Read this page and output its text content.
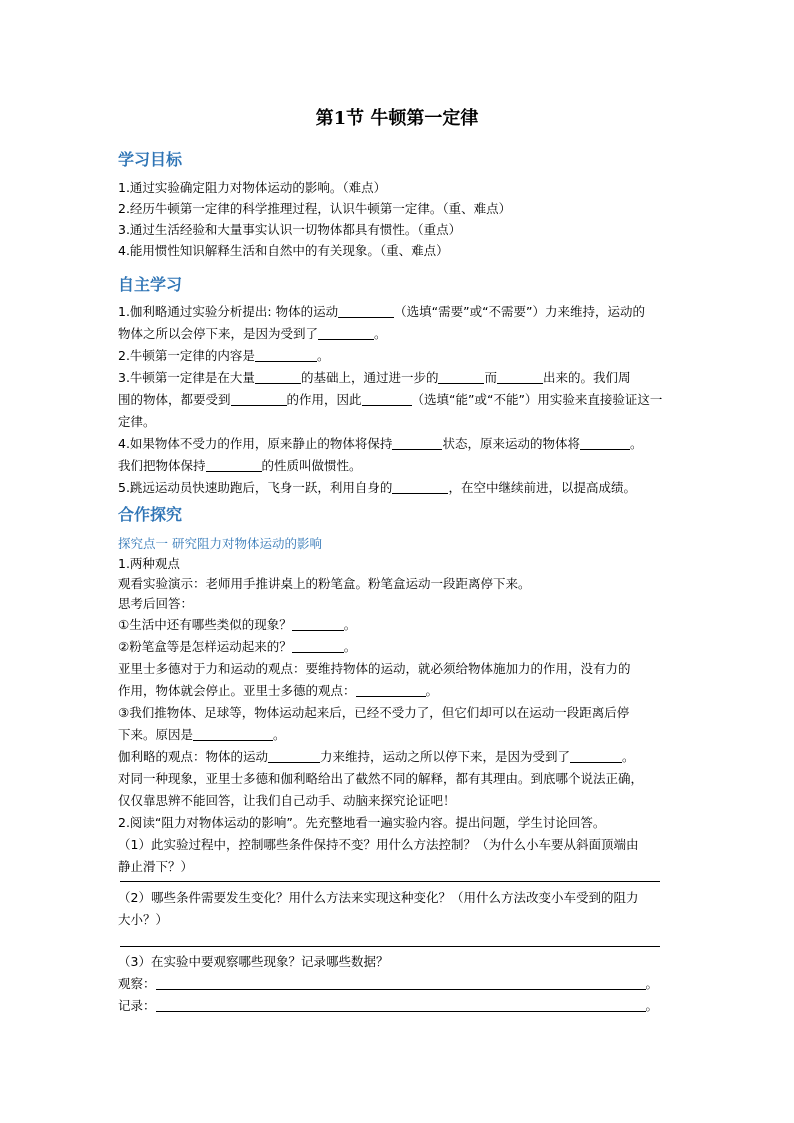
第1节 牛顿第一定律
学习目标
1.通过实验确定阻力对物体运动的影响。（难点）
2.经历牛顿第一定律的科学推理过程，认识牛顿第一定律。（重、难点）
3.通过生活经验和大量事实认识一切物体都具有惯性。（重点）
4.能用惯性知识解释生活和自然中的有关现象。（重、难点）
自主学习
1.伽利略通过实验分析提出: 物体的运动	（选填“需要”或“不需要”）力来维持，运动的
物体之所以会停下来，是因为受到了	。
2.牛顿第一定律的内容是	。
3.牛顿第一定律是在大量	的基础上，通过进一步的	而	出来的。我们周
围的物体，都要受到	的作用，因此	（选填“能”或“不能”）用实验来直接验证这一
定律。
4.如果物体不受力的作用，原来静止的物体将保持	状态，原来运动的物体将	。
我们把物体保持	的性质叫做惯性。
5.跳远运动员快速助跑后，飞身一跃，利用自身的	，在空中继续前进，以提高成绩。
合作探究
探究点一 研究阻力对物体运动的影响
1.两种观点
观看实验演示：老师用手推讲桌上的粉笔盒。粉笔盒运动一段距离停下来。
思考后回答：
①生活中还有哪些类似的现象？	。
②粉笔盒等是怎样运动起来的？	。
亚里士多德对于力和运动的观点：要维持物体的运动，就必须给物体施加力的作用，没有力的
作用，物体就会停止。亚里士多德的观点：	。
③我们推物体、足球等，物体运动起来后，已经不受力了，但它们却可以在运动一段距离后停
下来。原因是	。
伽利略的观点：物体的运动	力来维持，运动之所以停下来，是因为受到了	。
对同一种现象，亚里士多德和伽利略给出了截然不同的解释，都有其理由。到底哪个说法正确，
仅仅靠思辨不能回答，让我们自己动手、动脑来探究论证吧！
2.阅读“阻力对物体运动的影响”。先充整地看一遍实验内容。提出问题，学生讨论回答。
（1）此实验过程中，控制哪些条件保持不变？用什么方法控制？（为什么小车要从斜面顶端由
静止滑下？）
（2）哪些条件需要发生变化？用什么方法来实现这种变化？（用什么方法改变小车受到的阻力
大小？）
（3）在实验中要观察哪些现象？记录哪些数据？
观察：	。
记录：	。
